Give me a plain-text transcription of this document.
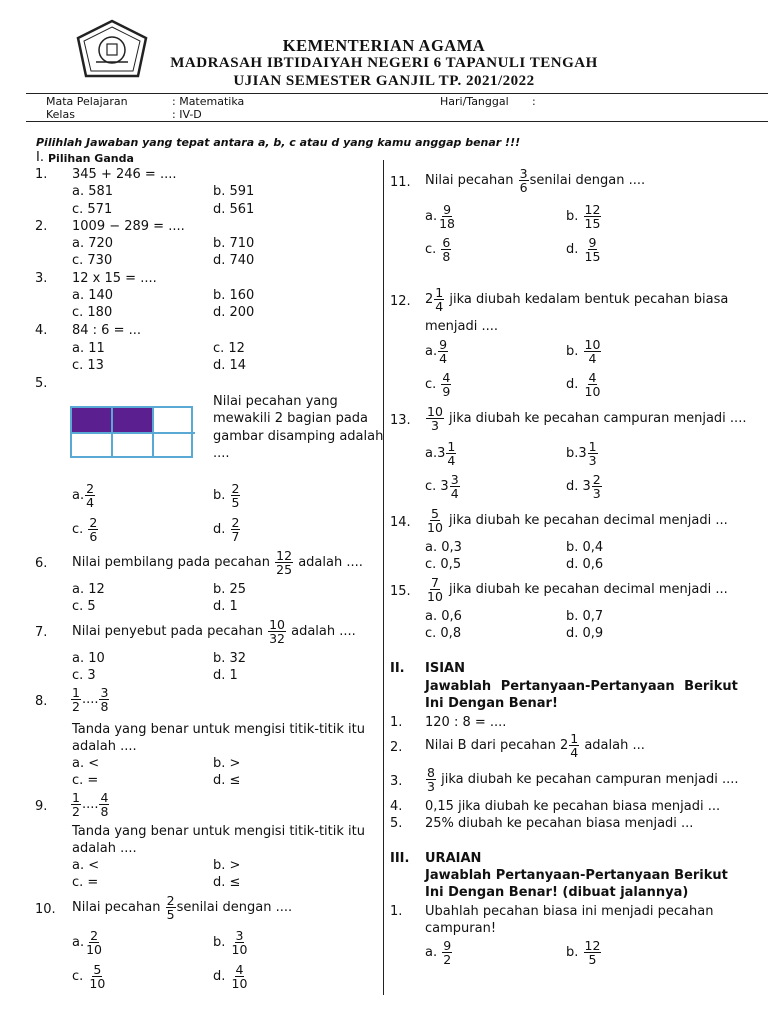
KEMENTERIAN AGAMA
MADRASAH IBTIDAIYAH NEGERI 6 TAPANULI TENGAH
UJIAN SEMESTER GANJIL TP. 2021/2022
Mata Pelajaran	: Matematika
Kelas	: IV-D
Hari/Tanggal :
Pilihlah Jawaban yang tepat antara a, b, c atau d yang kamu anggap benar !!!
I. Pilihan Ganda
1. 345 + 246 = ....
a. 581	b. 591
c. 571	d. 561
2. 1009 − 289 = ....
a. 720	b. 710
c. 730	d. 740
3. 12 x 15 = ....
a. 140	b. 160
c. 180	d. 200
4. 84 : 6 = ...
a. 11	c. 12
c. 13	d. 14
5.
Nilai pecahan yang
mewakili 2 bagian pada
gambar disamping adalah
....
a. $\frac{2}{4}$	b. $\frac{2}{5}$
c. $\frac{2}{6}$	d. $\frac{2}{7}$
6. Nilai pembilang pada pecahan $\frac{12}{25}$ adalah ....
a. 12	b. 25
c. 5	d. 1
7. Nilai penyebut pada pecahan $\frac{10}{32}$ adalah ....
a. 10	b. 32
c. 3	d. 1
8. $\frac{1}{2}$ .... $\frac{3}{8}$
Tanda yang benar untuk mengisi titik-titik itu
adalah ....
a. <	b. >
c. =	d. ≤
9. $\frac{1}{2}$ .... $\frac{4}{8}$
Tanda yang benar untuk mengisi titik-titik itu
adalah ....
a. <	b. >
c. =	d. ≤
10. Nilai pecahan $\frac{2}{5}$ senilai dengan ....
a. $\frac{2}{10}$	b. $\frac{3}{10}$
c. $\frac{5}{10}$	d. $\frac{4}{10}$
11. Nilai pecahan $\frac{3}{6}$ senilai dengan ....
a. $\frac{9}{18}$	b. $\frac{12}{15}$
c. $\frac{6}{8}$	d. $\frac{9}{15}$
12. $2 \frac{1}{4}$ jika diubah kedalam bentuk pecahan biasa
menjadi ....
a. $\frac{9}{4}$	b. $\frac{10}{4}$
c. $\frac{4}{9}$	d. $\frac{4}{10}$
13. $\frac{10}{3}$ jika diubah ke pecahan campuran menjadi ....
$a.3 \frac{1}{4}$	$b.3 \frac{1}{3}$
c. $3 \frac{3}{4}$	d. $3 \frac{2}{3}$
14. $\frac{5}{10}$ jika diubah ke pecahan decimal menjadi ...
a. 0,3	b. 0,4
c. 0,5	d. 0,6
15. $\frac{7}{10}$ jika diubah ke pecahan decimal menjadi ...
a. 0,6	b. 0,7
c. 0,8	d. 0,9
II. ISIAN
Jawablah Pertanyaan-Pertanyaan Berikut
Ini Dengan Benar!
1. 120 : 8 = ....
2. Nilai B dari pecahan $2 \frac{1}{4}$ adalah ...
3. $\frac{8}{3}$ jika diubah ke pecahan campuran menjadi ....
4. 0,15 jika diubah ke pecahan biasa menjadi ...
5. 25% diubah ke pecahan biasa menjadi ...
III. URAIAN
Jawablah Pertanyaan-Pertanyaan Berikut
Ini Dengan Benar! (dibuat jalannya)
1. Ubahlah pecahan biasa ini menjadi pecahan
campuran!
a. $\frac{9}{2}$	b. $\frac{12}{5}$
